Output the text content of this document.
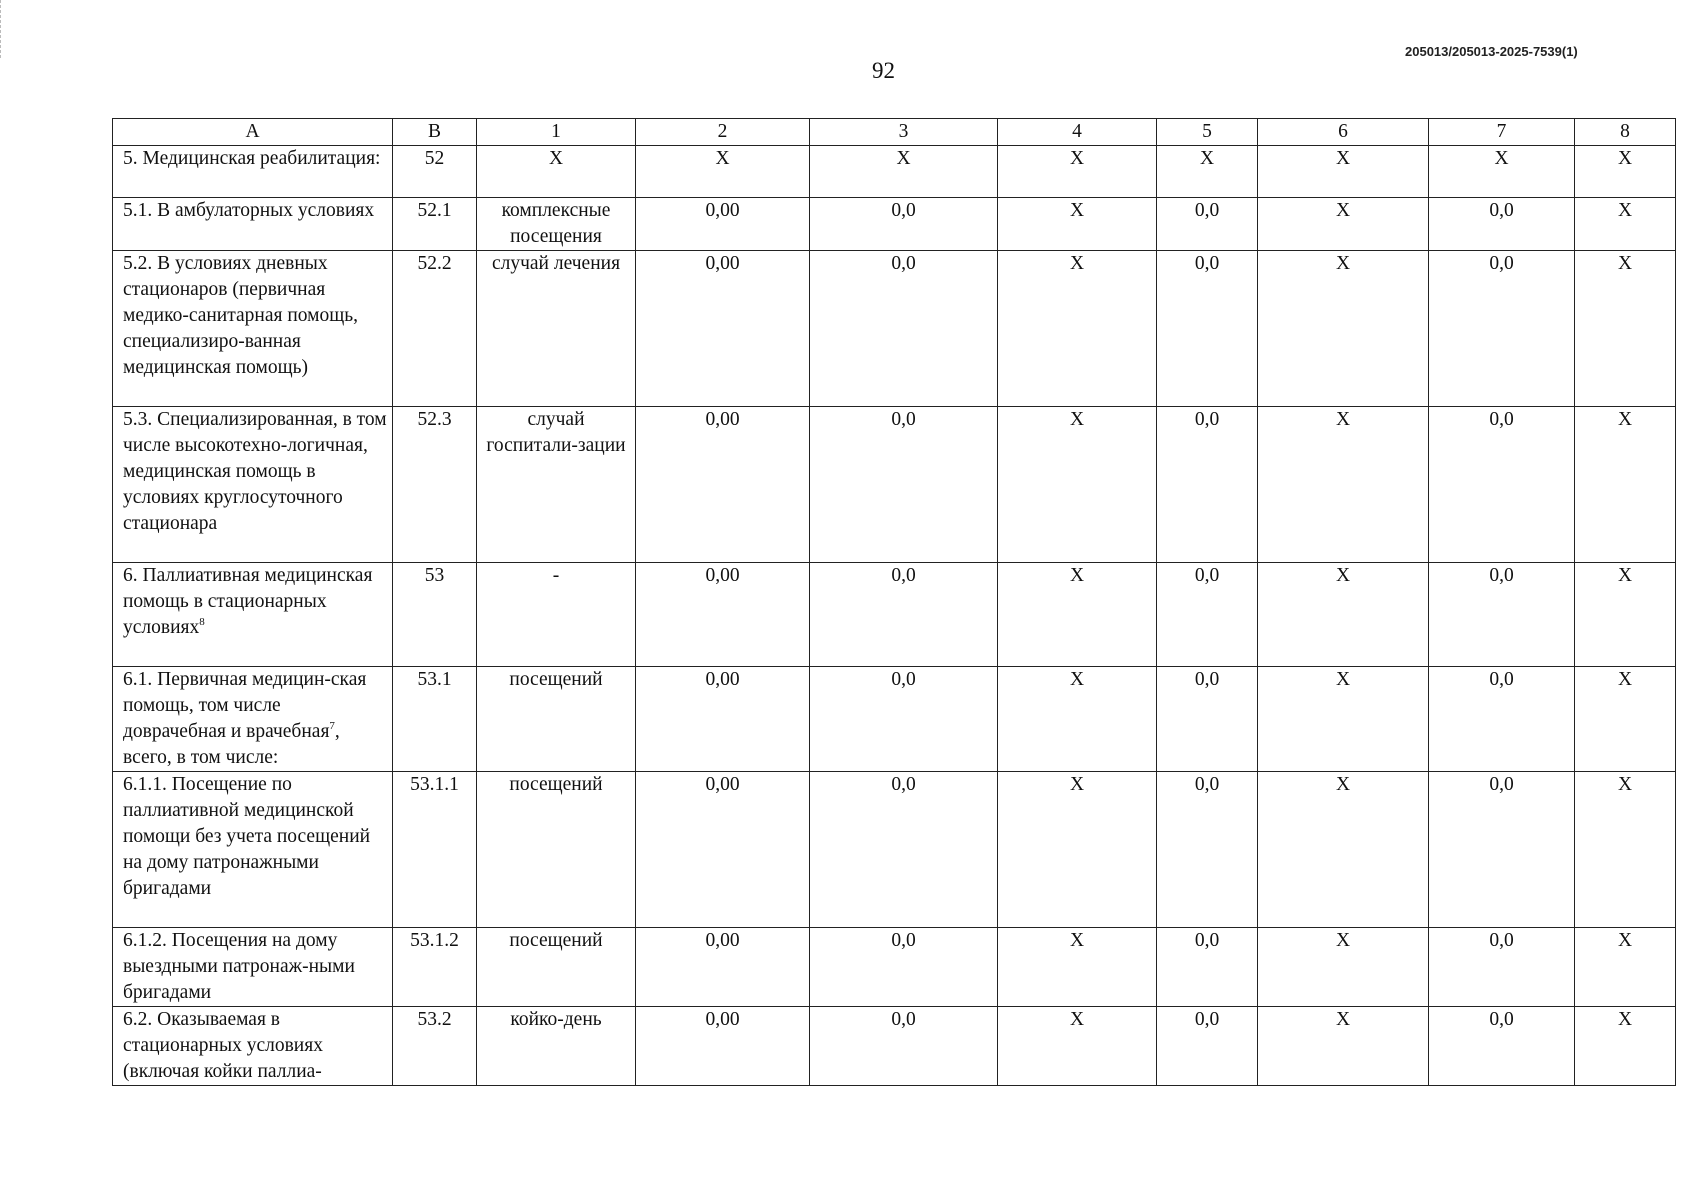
92
205013/205013-2025-7539(1)
A	B	1	2	3	4	5	6	7	8
5. Медицинская реабилитация:	52	X	X	X	X	X	X	X	X
5.1. В амбулаторных условиях	52.1	комплексные посещения	0,00	0,0	X	0,0	X	0,0	X
5.2. В условиях дневных стационаров (первичная медико-санитарная помощь, специализиро-ванная медицинская помощь)	52.2	случай лечения	0,00	0,0	X	0,0	X	0,0	X
5.3. Специализированная, в том числе высокотехно-логичная, медицинская помощь в условиях круглосуточного стационара	52.3	случай госпитали-зации	0,00	0,0	X	0,0	X	0,0	X
6. Паллиативная медицинская помощь в стационарных условиях$^8$	53	-	0,00	0,0	X	0,0	X	0,0	X
6.1. Первичная медицин-ская помощь, том числе доврачебная и врачебная$^7$, всего, в том числе:	53.1	посещений	0,00	0,0	X	0,0	X	0,0	X
6.1.1. Посещение по паллиативной медицинской помощи без учета посещений на дому патронажными бригадами	53.1.1	посещений	0,00	0,0	X	0,0	X	0,0	X
6.1.2. Посещения на дому выездными патронаж-ными бригадами	53.1.2	посещений	0,00	0,0	X	0,0	X	0,0	X
6.2. Оказываемая в стационарных условиях (включая койки паллиа-	53.2	койко-день	0,00	0,0	X	0,0	X	0,0	X
